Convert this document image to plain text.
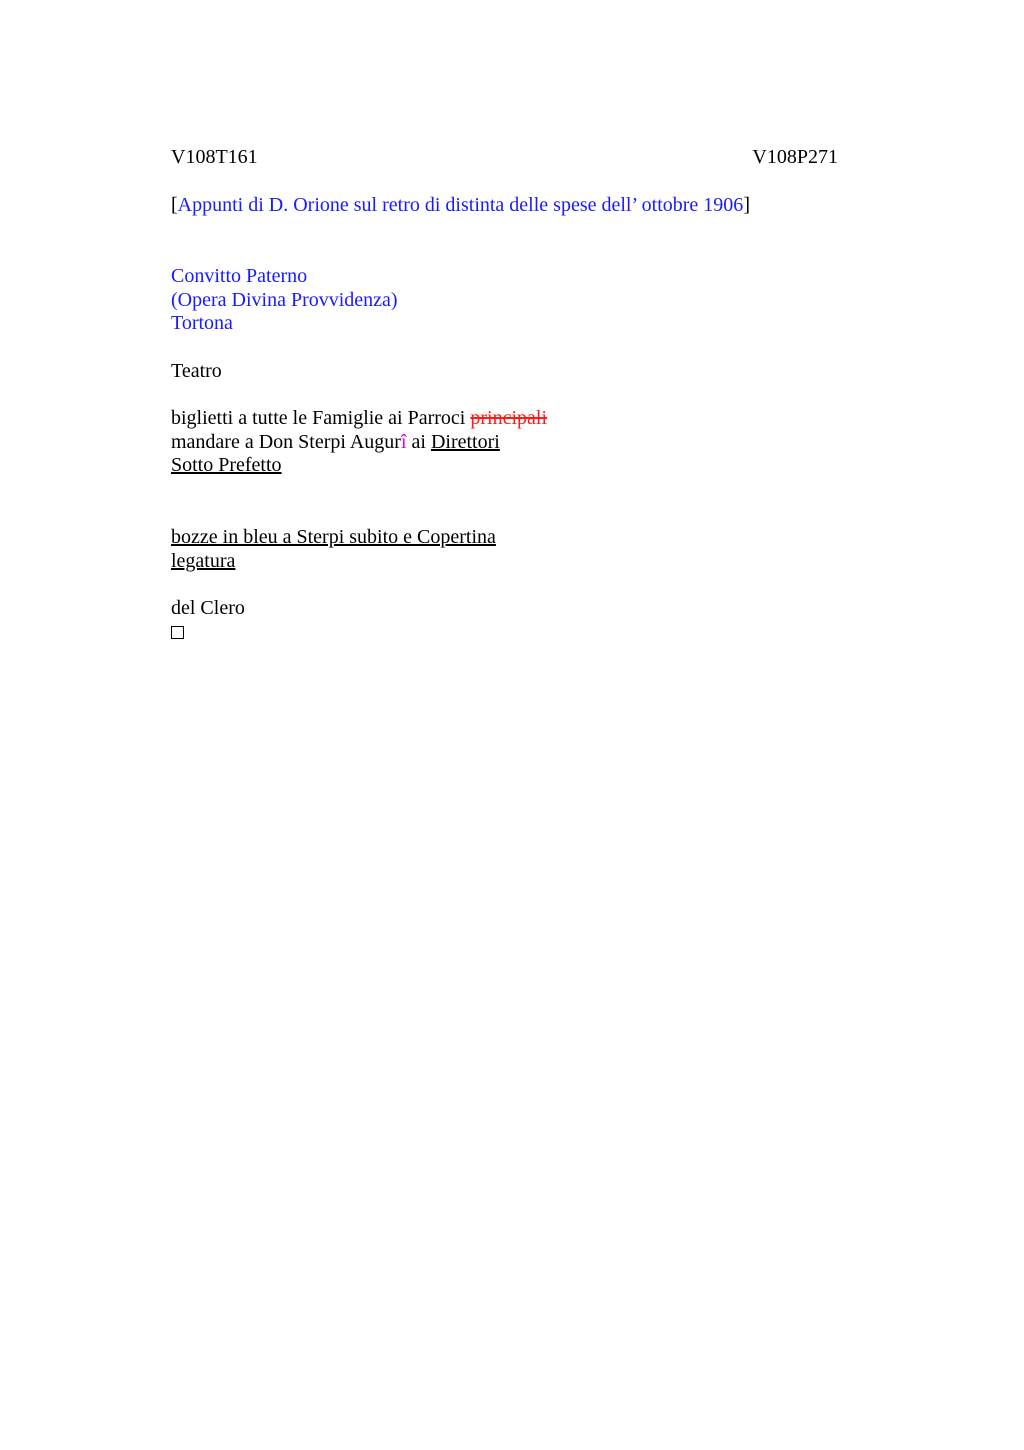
V108T161	V108P271
[Appunti di D. Orione sul retro di distinta delle spese dell’ ottobre 1906]
Convitto Paterno
(Opera Divina Provvidenza)
Tortona
Teatro
biglietti a tutte le Famiglie ai Parroci principali
mandare a Don Sterpi Augurî ai Direttori
Sotto Prefetto
bozze in bleu a Sterpi subito e Copertina
legatura
del Clero
